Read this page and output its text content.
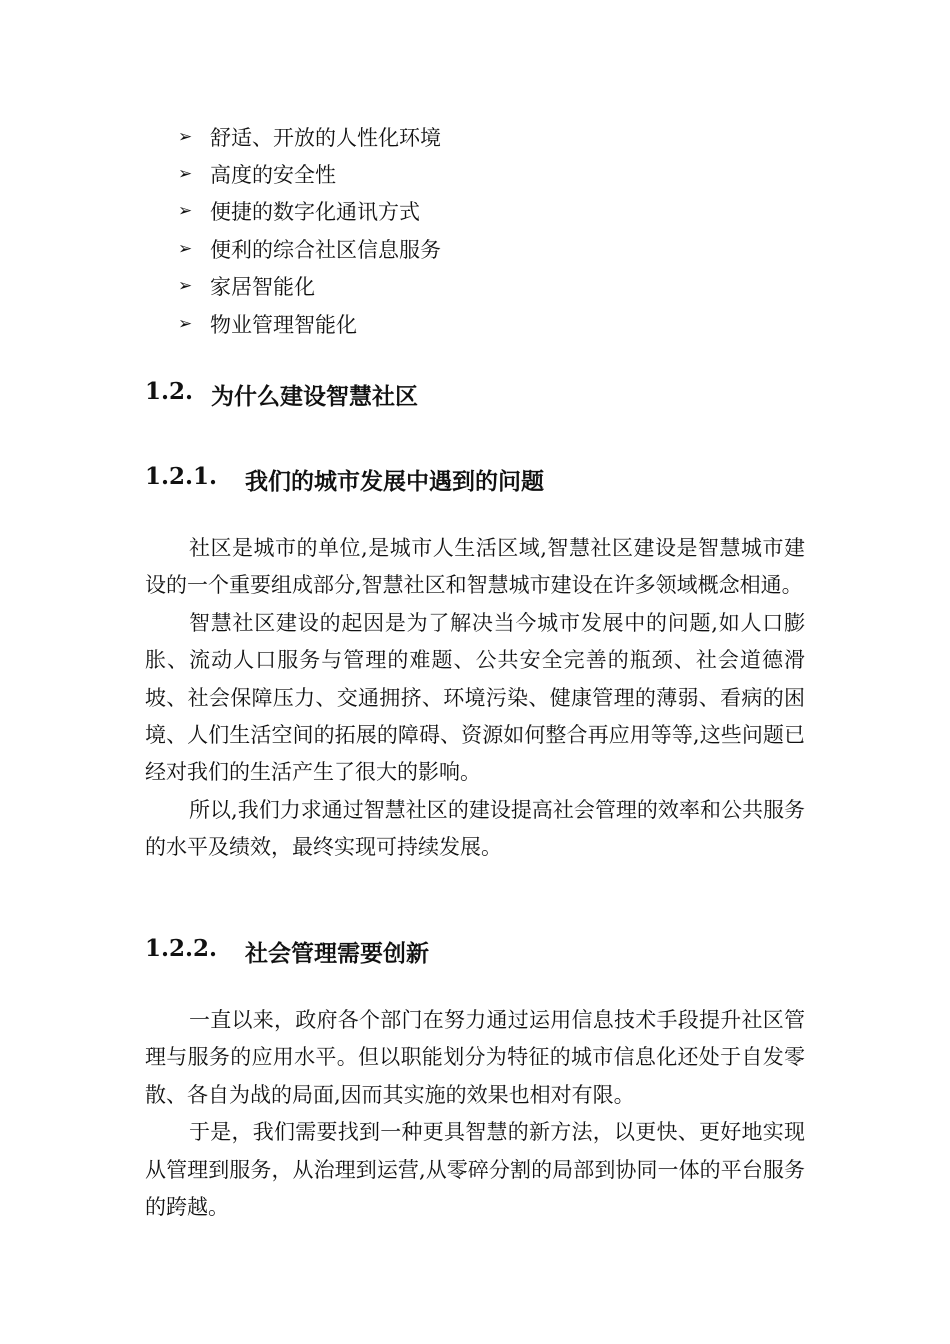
➢ 舒适、开放的人性化环境
➢ 高度的安全性
➢ 便捷的数字化通讯方式
➢ 便利的综合社区信息服务
➢ 家居智能化
➢ 物业管理智能化
1.2. 为什么建设智慧社区
1.2.1.	我们的城市发展中遇到的问题

社区是城市的单位,是城市人生活区域,智慧社区建设是智慧城市建设的一个重要组成部分,智慧社区和智慧城市建设在许多领域概念相通。

智慧社区建设的起因是为了解决当今城市发展中的问题,如人口膨胀、流动人口服务与管理的难题、公共安全完善的瓶颈、社会道德滑坡、社会保障压力、交通拥挤、环境污染、健康管理的薄弱、看病的困境、人们生活空间的拓展的障碍、资源如何整合再应用等等,这些问题已经对我们的生活产生了很大的影响。

所以,我们力求通过智慧社区的建设提高社会管理的效率和公共服务的水平及绩效，最终实现可持续发展。

1.2.2.	社会管理需要创新

一直以来，政府各个部门在努力通过运用信息技术手段提升社区管理与服务的应用水平。但以职能划分为特征的城市信息化还处于自发零散、各自为战的局面,因而其实施的效果也相对有限。

于是，我们需要找到一种更具智慧的新方法，以更快、更好地实现从管理到服务，从治理到运营,从零碎分割的局部到协同一体的平台服务的跨越。
